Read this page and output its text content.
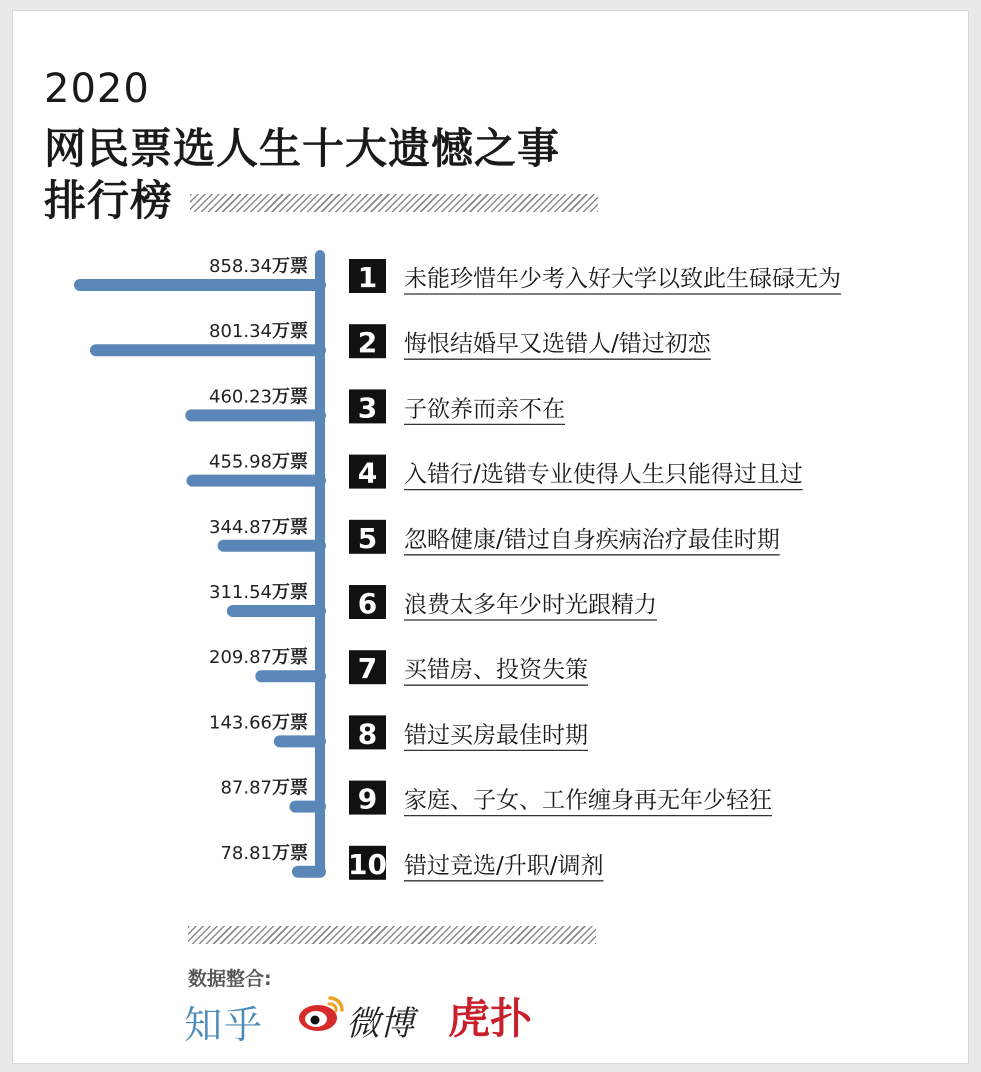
2020
网民票选人生十大遗憾之事
排行榜
858.34万票 1 未能珍惜年少考入好大学以致此生碌碌无为
801.34万票 2 悔恨结婚早又选错人/错过初恋
460.23万票 3 子欲养而亲不在
455.98万票 4 入错行/选错专业使得人生只能得过且过
344.87万票 5 忽略健康/错过自身疾病治疗最佳时期
311.54万票 6 浪费太多年少时光跟精力
209.87万票 7 买错房、投资失策
143.66万票 8 错过买房最佳时期
87.87万票 9 家庭、子女、工作缠身再无年少轻狂
78.81万票 10 错过竞选/升职/调剂
数据整合:
知乎 微博 虎扑
